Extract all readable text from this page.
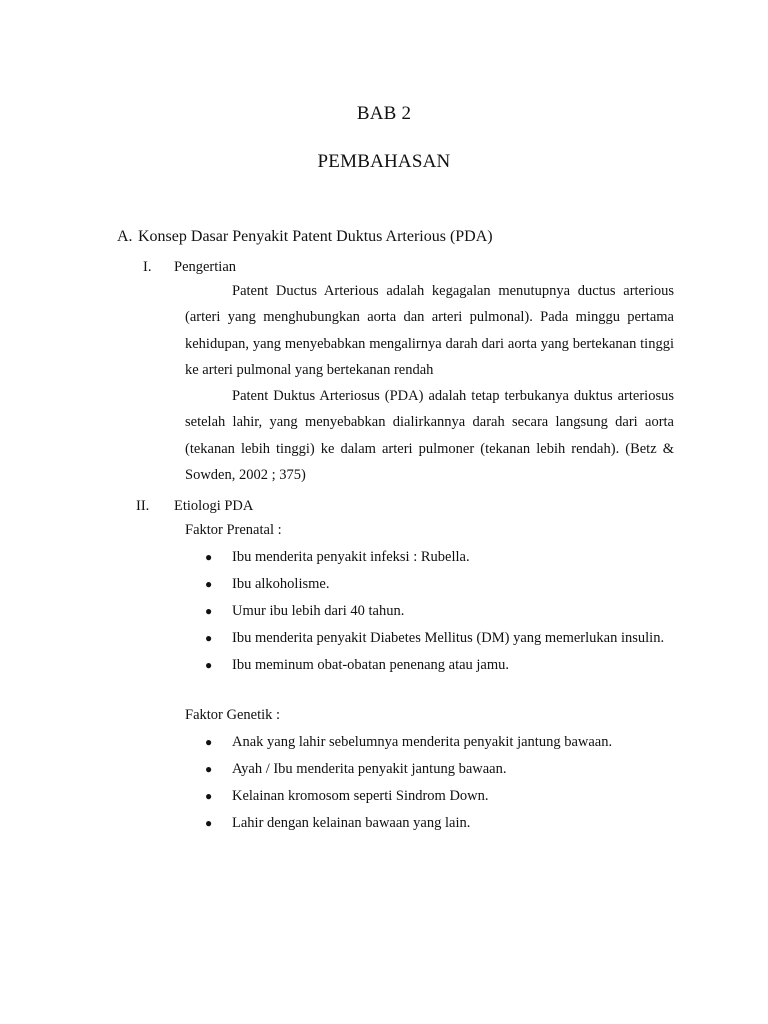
BAB 2
PEMBAHASAN
A. Konsep Dasar Penyakit Patent Duktus Arterious (PDA)
I. Pengertian

Patent Ductus Arterious adalah kegagalan menutupnya ductus arterious (arteri yang menghubungkan aorta dan arteri pulmonal). Pada minggu pertama kehidupan, yang menyebabkan mengalirnya darah dari aorta yang bertekanan tinggi ke arteri pulmonal yang bertekanan rendah

Patent Duktus Arteriosus (PDA) adalah tetap terbukanya duktus arteriosus setelah lahir, yang menyebabkan dialirkannya darah secara langsung dari aorta (tekanan lebih tinggi) ke dalam arteri pulmoner (tekanan lebih rendah). (Betz & Sowden, 2002 ; 375)

II. Etiologi PDA
Faktor Prenatal :
● Ibu menderita penyakit infeksi : Rubella.
● Ibu alkoholisme.
● Umur ibu lebih dari 40 tahun.
● Ibu menderita penyakit Diabetes Mellitus (DM) yang memerlukan insulin.
● Ibu meminum obat-obatan penenang atau jamu.
Faktor Genetik :
● Anak yang lahir sebelumnya menderita penyakit jantung bawaan.
● Ayah / Ibu menderita penyakit jantung bawaan.
● Kelainan kromosom seperti Sindrom Down.
● Lahir dengan kelainan bawaan yang lain.
